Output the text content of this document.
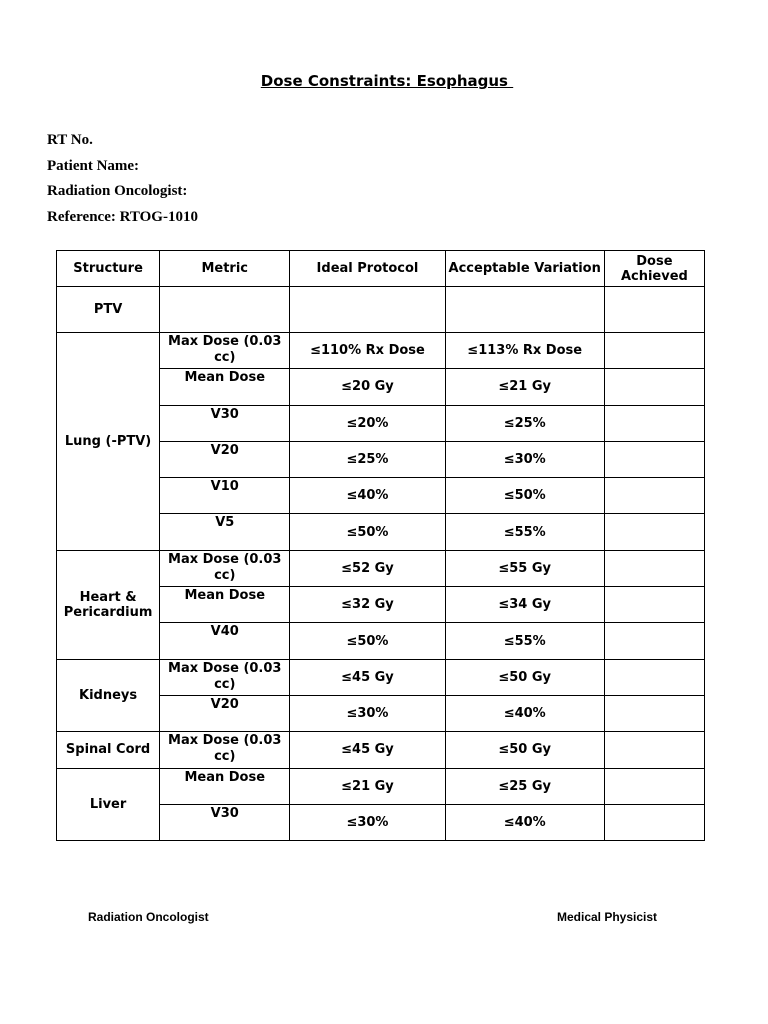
Dose Constraints: Esophagus
RT No.
Patient Name:
Radiation Oncologist:
Reference: RTOG-1010
Structure	Metric	Ideal Protocol	Acceptable Variation	Dose Achieved
PTV				
Lung (-PTV)	Max Dose (0.03 cc)	≤110% Rx Dose	≤113% Rx Dose	
	Mean Dose	≤20 Gy	≤21 Gy	
	V30	≤20%	≤25%	
	V20	≤25%	≤30%	
	V10	≤40%	≤50%	
	V5	≤50%	≤55%	
Heart & Pericardium	Max Dose (0.03 cc)	≤52 Gy	≤55 Gy	
	Mean Dose	≤32 Gy	≤34 Gy	
	V40	≤50%	≤55%	
Kidneys	Max Dose (0.03 cc)	≤45 Gy	≤50 Gy	
	V20	≤30%	≤40%	
Spinal Cord	Max Dose (0.03 cc)	≤45 Gy	≤50 Gy	
Liver	Mean Dose	≤21 Gy	≤25 Gy	
	V30	≤30%	≤40%	
Radiation Oncologist	Medical Physicist
